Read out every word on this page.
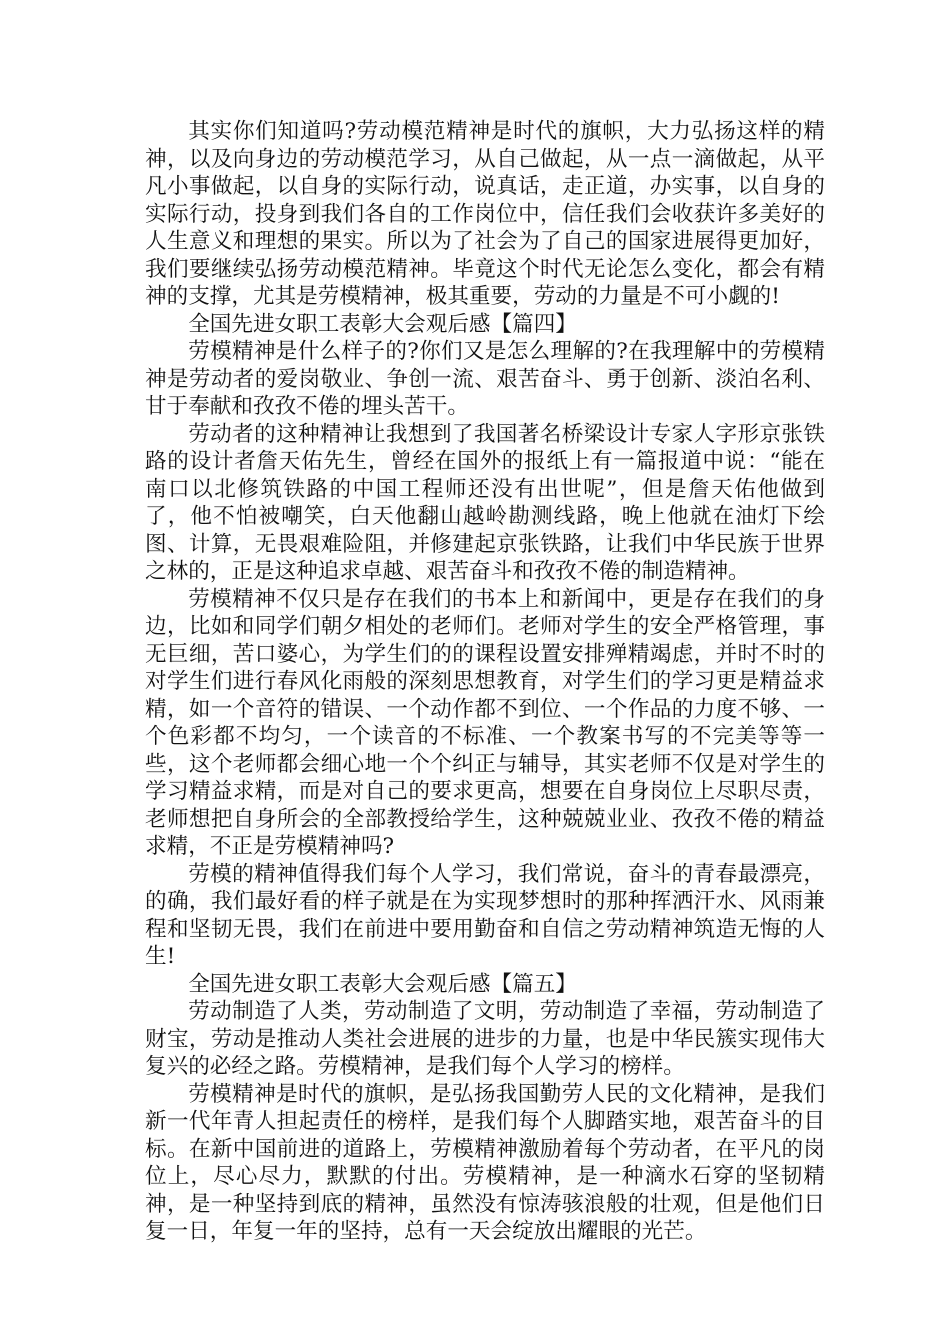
其实你们知道吗?劳动模范精神是时代的旗帜，大力弘扬这样的精神，以及向身边的劳动模范学习，从自己做起，从一点一滴做起，从平凡小事做起，以自身的实际行动，说真话，走正道，办实事，以自身的实际行动，投身到我们各自的工作岗位中，信任我们会收获许多美好的人生意义和理想的果实。所以为了社会为了自己的国家进展得更加好，我们要继续弘扬劳动模范精神。毕竟这个时代无论怎么变化，都会有精神的支撑，尤其是劳模精神，极其重要，劳动的力量是不可小觑的!

全国先进女职工表彰大会观后感【篇四】

劳模精神是什么样子的?你们又是怎么理解的?在我理解中的劳模精神是劳动者的爱岗敬业、争创一流、艰苦奋斗、勇于创新、淡泊名利、甘于奉献和孜孜不倦的埋头苦干。

劳动者的这种精神让我想到了我国著名桥梁设计专家人字形京张铁路的设计者詹天佑先生，曾经在国外的报纸上有一篇报道中说：“能在南口以北修筑铁路的中国工程师还没有出世呢”，但是詹天佑他做到了，他不怕被嘲笑，白天他翻山越岭勘测线路，晚上他就在油灯下绘图、计算，无畏艰难险阻，并修建起京张铁路，让我们中华民族于世界之林的，正是这种追求卓越、艰苦奋斗和孜孜不倦的制造精神。

劳模精神不仅只是存在我们的书本上和新闻中，更是存在我们的身边，比如和同学们朝夕相处的老师们。老师对学生的安全严格管理，事无巨细，苦口婆心，为学生们的的课程设置安排殚精竭虑，并时不时的对学生们进行春风化雨般的深刻思想教育，对学生们的学习更是精益求精，如一个音符的错误、一个动作都不到位、一个作品的力度不够、一个色彩都不均匀，一个读音的不标准、一个教案书写的不完美等等一些，这个老师都会细心地一个个纠正与辅导，其实老师不仅是对学生的学习精益求精，而是对自己的要求更高，想要在自身岗位上尽职尽责，老师想把自身所会的全部教授给学生，这种兢兢业业、孜孜不倦的精益求精，不正是劳模精神吗?

劳模的精神值得我们每个人学习，我们常说，奋斗的青春最漂亮，的确，我们最好看的样子就是在为实现梦想时的那种挥洒汗水、风雨兼程和坚韧无畏，我们在前进中要用勤奋和自信之劳动精神筑造无悔的人生!

全国先进女职工表彰大会观后感【篇五】

劳动制造了人类，劳动制造了文明，劳动制造了幸福，劳动制造了财宝，劳动是推动人类社会进展的进步的力量，也是中华民簇实现伟大复兴的必经之路。劳模精神，是我们每个人学习的榜样。

劳模精神是时代的旗帜，是弘扬我国勤劳人民的文化精神，是我们新一代年青人担起责任的榜样，是我们每个人脚踏实地，艰苦奋斗的目标。在新中国前进的道路上，劳模精神激励着每个劳动者，在平凡的岗位上，尽心尽力，默默的付出。劳模精神，是一种滴水石穿的坚韧精神，是一种坚持到底的精神，虽然没有惊涛骇浪般的壮观，但是他们日复一日，年复一年的坚持，总有一天会绽放出耀眼的光芒。
